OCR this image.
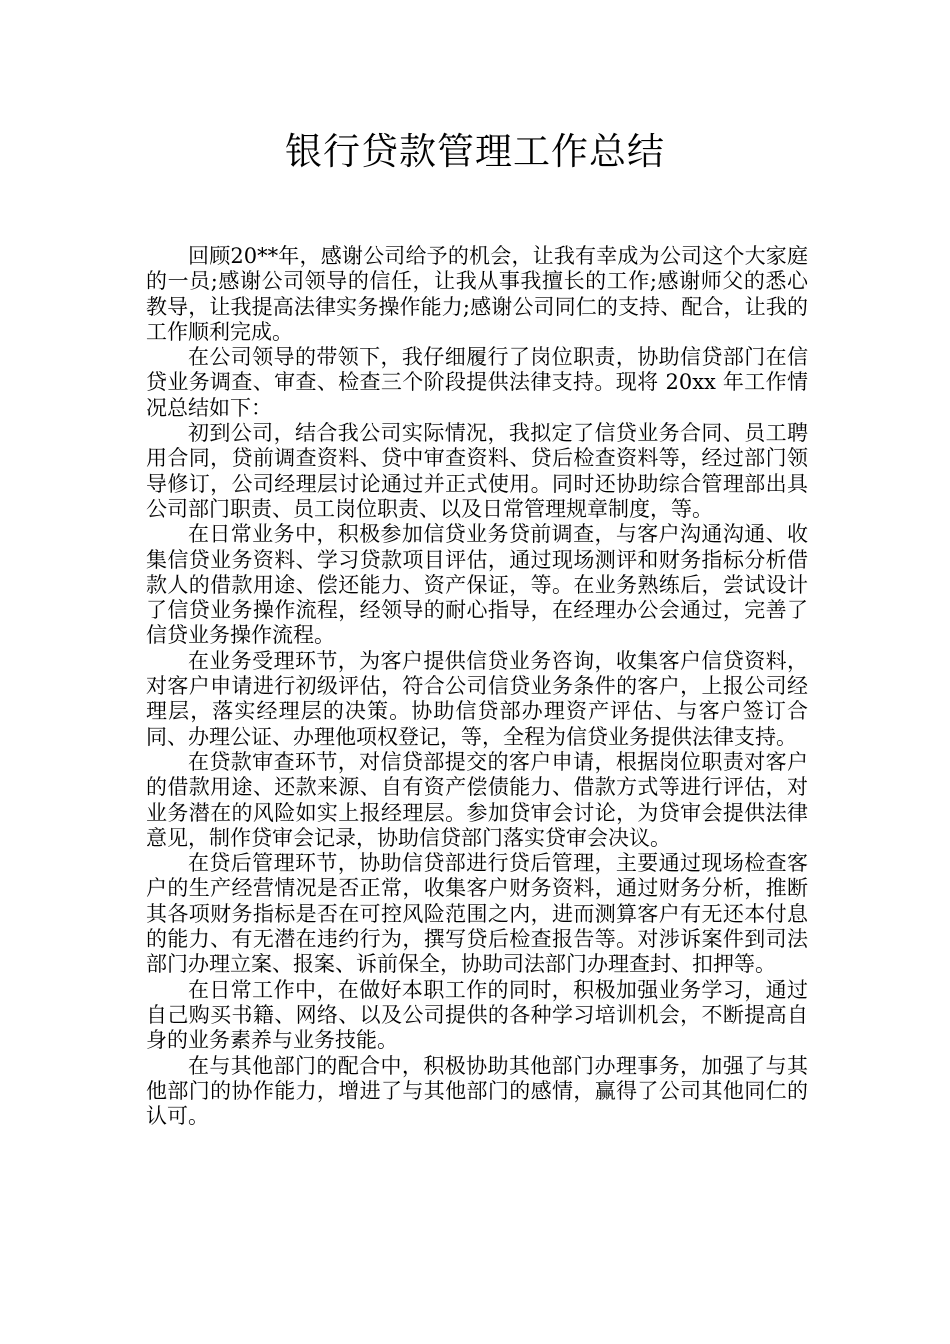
银行贷款管理工作总结

回顾20**年，感谢公司给予的机会，让我有幸成为公司这个大家庭的一员;感谢公司领导的信任，让我从事我擅长的工作;感谢师父的悉心教导，让我提高法律实务操作能力;感谢公司同仁的支持、配合，让我的工作顺利完成。

在公司领导的带领下，我仔细履行了岗位职责，协助信贷部门在信贷业务调查、审查、检查三个阶段提供法律支持。现将 20xx 年工作情况总结如下：

初到公司，结合我公司实际情况，我拟定了信贷业务合同、员工聘用合同，贷前调查资料、贷中审查资料、贷后检查资料等，经过部门领导修订，公司经理层讨论通过并正式使用。同时还协助综合管理部出具公司部门职责、员工岗位职责、以及日常管理规章制度，等。

在日常业务中，积极参加信贷业务贷前调查，与客户沟通沟通、收集信贷业务资料、学习贷款项目评估，通过现场测评和财务指标分析借款人的借款用途、偿还能力、资产保证，等。在业务熟练后，尝试设计了信贷业务操作流程，经领导的耐心指导，在经理办公会通过，完善了信贷业务操作流程。

在业务受理环节，为客户提供信贷业务咨询，收集客户信贷资料，对客户申请进行初级评估，符合公司信贷业务条件的客户，上报公司经理层，落实经理层的决策。协助信贷部办理资产评估、与客户签订合同、办理公证、办理他项权登记，等，全程为信贷业务提供法律支持。

在贷款审查环节，对信贷部提交的客户申请，根据岗位职责对客户的借款用途、还款来源、自有资产偿债能力、借款方式等进行评估，对业务潜在的风险如实上报经理层。参加贷审会讨论，为贷审会提供法律意见，制作贷审会记录，协助信贷部门落实贷审会决议。

在贷后管理环节，协助信贷部进行贷后管理，主要通过现场检查客户的生产经营情况是否正常，收集客户财务资料，通过财务分析，推断其各项财务指标是否在可控风险范围之内，进而测算客户有无还本付息的能力、有无潜在违约行为，撰写贷后检查报告等。对涉诉案件到司法部门办理立案、报案、诉前保全，协助司法部门办理查封、扣押等。

在日常工作中，在做好本职工作的同时，积极加强业务学习，通过自己购买书籍、网络、以及公司提供的各种学习培训机会，不断提高自身的业务素养与业务技能。

在与其他部门的配合中，积极协助其他部门办理事务，加强了与其他部门的协作能力，增进了与其他部门的感情，赢得了公司其他同仁的认可。
